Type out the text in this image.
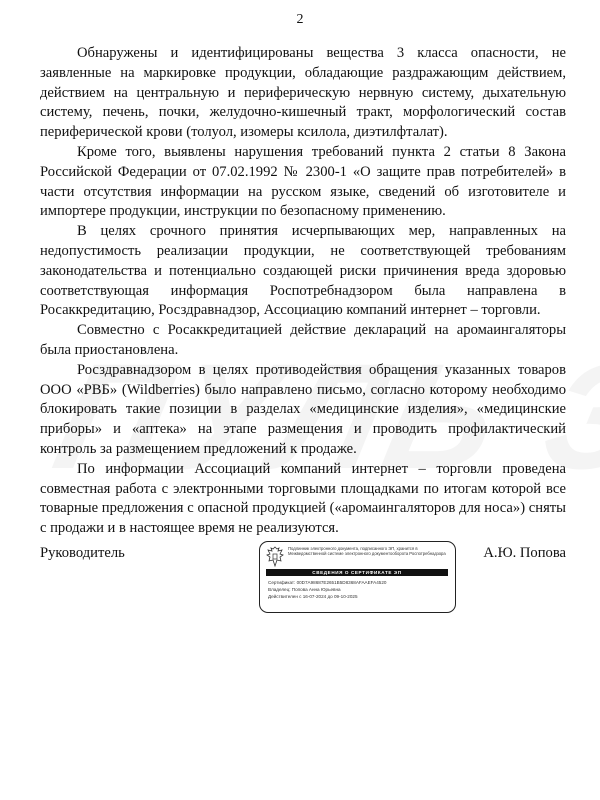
2

Обнаружены и идентифицированы вещества 3 класса опасности, не заявленные на маркировке продукции, обладающие раздражающим действием, действием на центральную и периферическую нервную систему, дыхательную систему, печень, почки, желудочно-кишечный тракт, морфологический состав периферической крови (толуол, изомеры ксилола, диэтилфталат).

Кроме того, выявлены нарушения требований пункта 2 статьи 8 Закона Российской Федерации от 07.02.1992 № 2300-1 «О защите прав потребителей» в части отсутствия информации на русском языке, сведений об изготовителе и импортере продукции, инструкции по безопасному применению.

В целях срочного принятия исчерпывающих мер, направленных на недопустимость реализации продукции, не соответствующей требованиям законодательства и потенциально создающей риски причинения вреда здоровью соответствующая информация Роспотребнадзором была направлена в Росаккредитацию, Росздравнадзор, Ассоциацию компаний интернет – торговли.

Совместно с Росаккредитацией действие деклараций на аромаингаляторы была приостановлена.

Росздравнадзором в целях противодействия обращения указанных товаров ООО «РВБ» (Wildberries) было направлено письмо, согласно которому необходимо блокировать такие позиции в разделах «медицинские изделия», «медицинские приборы» и «аптека» на этапе размещения и проводить профилактический контроль за размещением предложений к продаже.

По информации Ассоциаций компаний интернет – торговли проведена совместная работа с электронными торговыми площадками по итогам которой все товарные предложения с опасной продукцией («аромаингаляторов для носа») сняты с продажи и в настоящее время не реализуются.

Руководитель	Подлинник электронного документа, подписанного ЭП, хранится в Межведомственной системе электронного документооборота Роспотребнадзора
СВЕДЕНИЯ О СЕРТИФИКАТЕ ЭП
Сертификат: 00D7A98687E2651B5D8368AFAAEFA4520
Владелец: Попова Анна Юрьевна
Действителен с 16-07-2024 до 09-10-2025
А.Ю. Попова
